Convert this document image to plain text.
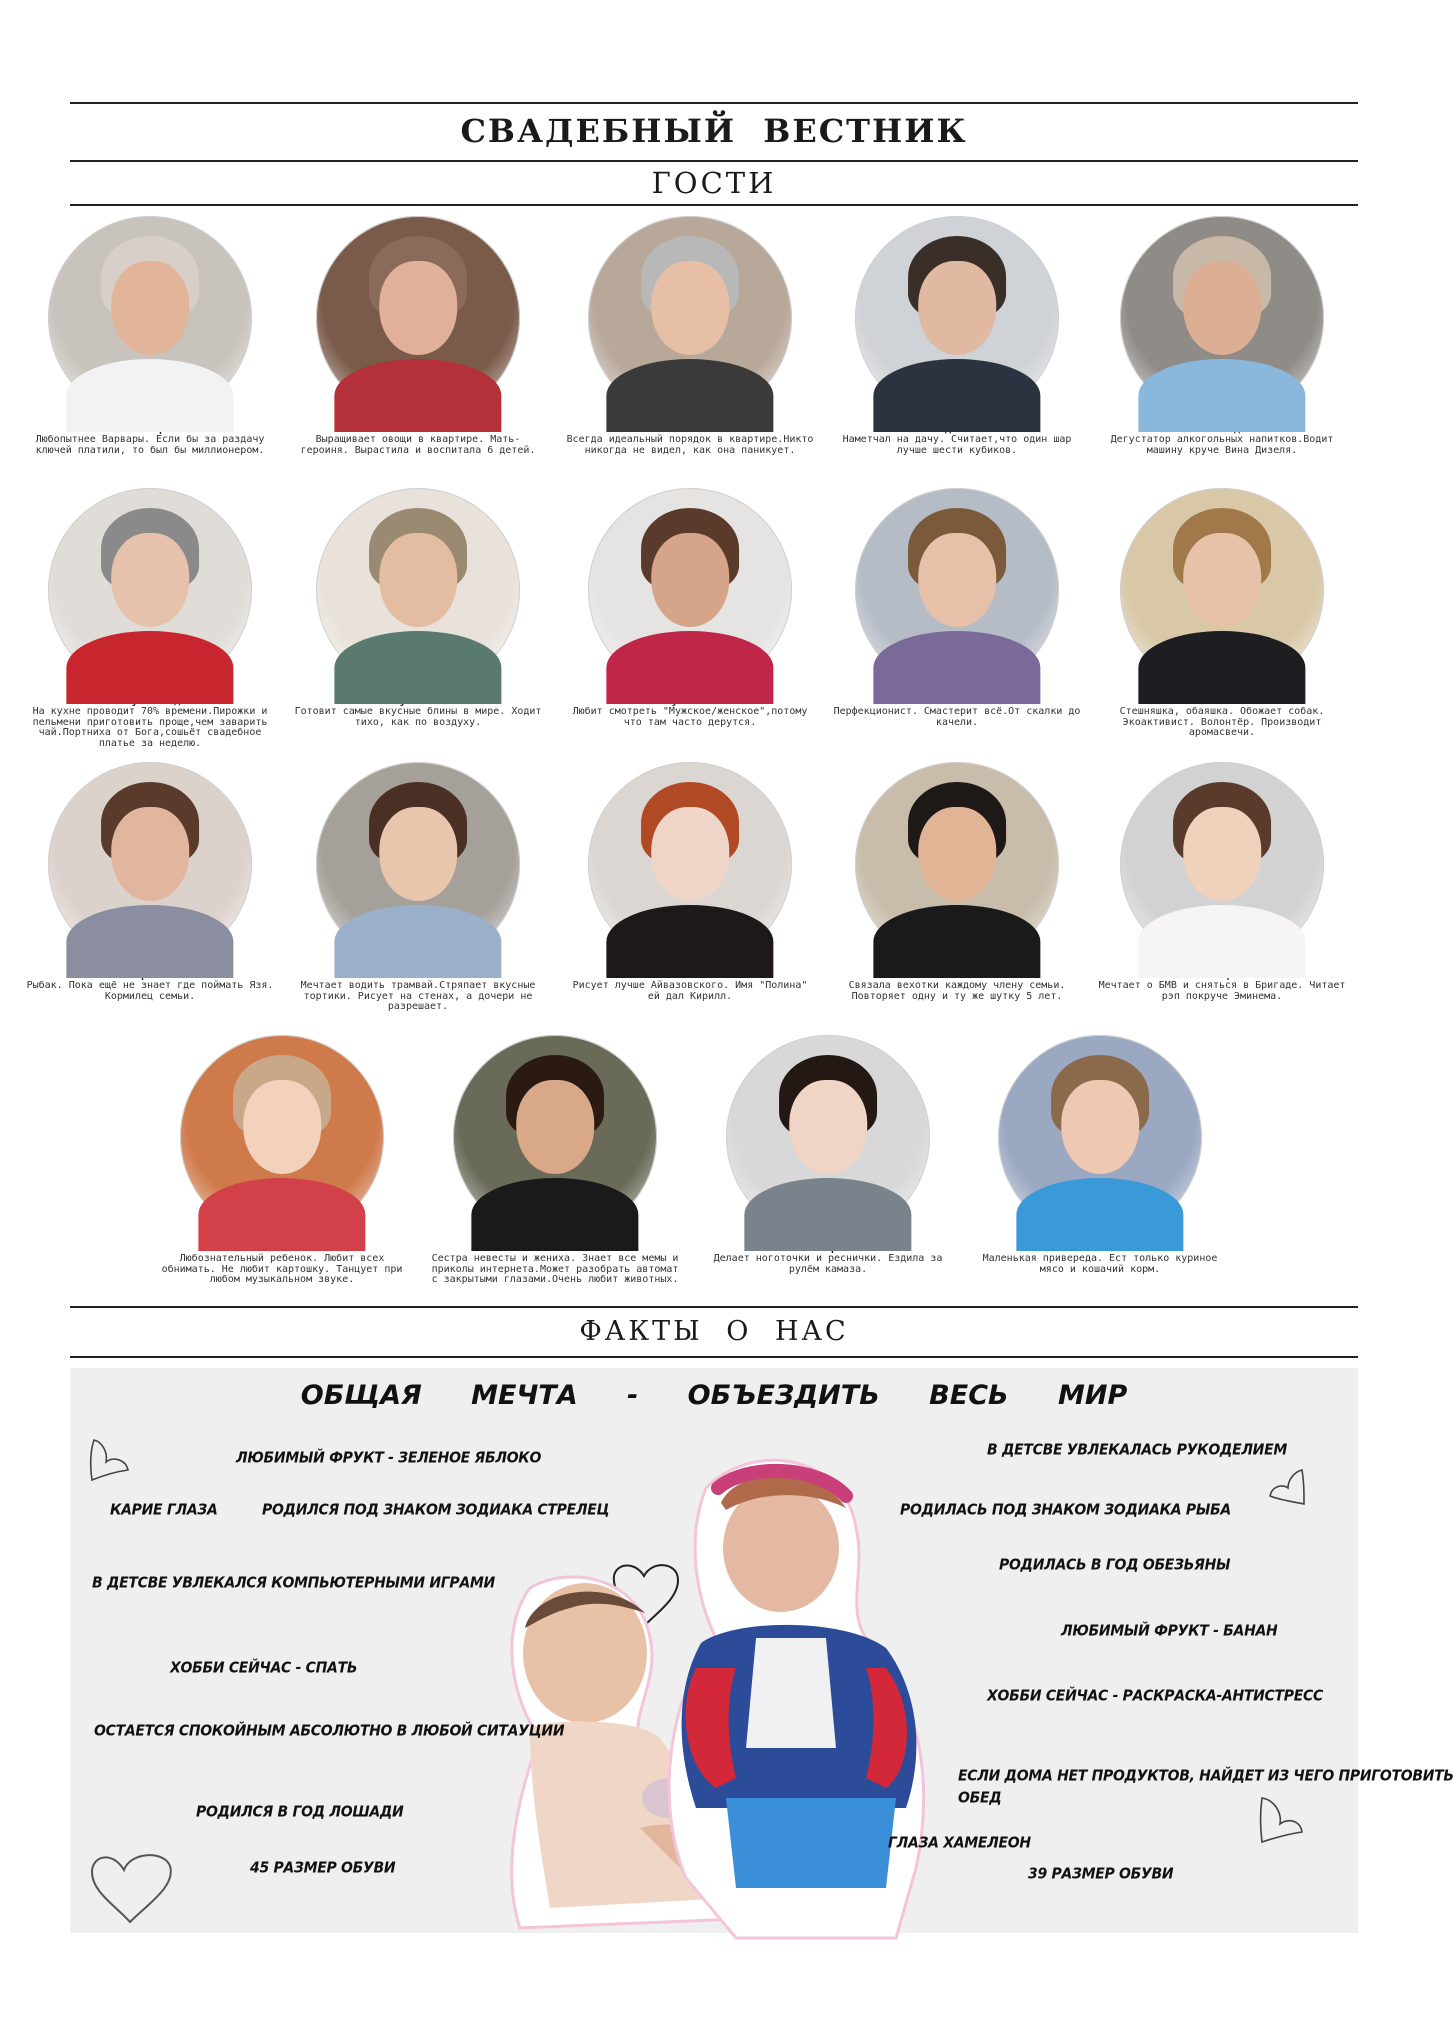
СВАДЕБНЫЙ ВЕСТНИК
ГОСТИ
Любопытнее Варвары. Если бы за раздачу ключей платили, то был бы миллионером.
Выращивает овощи в квартире. Мать-героиня. Вырастила и воспитала 6 детей.
Всегда идеальный порядок в квартире.Никто никогда не видел, как она паникует.
Наметчал на дачу. Считает,что один шар лучше шести кубиков.
Дегустатор алкогольных напитков.Водит машину круче Вина Дизеля.
На кухне проводит 70% времени.Пирожки и пельмени приготовить проще,чем заварить чай.Портниха от Бога,сошьёт свадебное платье за неделю.
Готовит самые вкусные блины в мире. Ходит тихо, как по воздуху.
Любит смотреть "Мужское/женское",потому что там часто дерутся.
Перфекционист. Смастерит всё.От скалки до качели.
Стешняшка, обаяшка. Обожает собак. Экоактивист. Волонтёр. Производит аромасвечи.
Рыбак. Пока ещё не знает где поймать Язя. Кормилец семьи.
Мечтает водить трамвай.Стряпает вкусные тортики. Рисует на стенах, а дочери не разрешает.
Рисует лучше Айвазовского. Имя "Полина" ей дал Кирилл.
Связала вехотки каждому члену семьи. Повторяет одну и ту же шутку 5 лет.
Мечтает о БМВ и сняться в Бригаде. Читает рэп покруче Эминема.
Любознательный ребенок. Любит всех обнимать. Не любит картошку. Танцует при любом музыкальном звуке.
Сестра невесты и жениха. Знает все мемы и приколы интернета.Может разобрать автомат с закрытыми глазами.Очень любит животных.
Делает ноготочки и реснички. Ездила за рулём камаза.
Маленькая привереда. Ест только куриное мясо и кошачий корм.
ФАКТЫ О НАС
ОБЩАЯ МЕЧТА - ОБЪЕЗДИТЬ ВЕСЬ МИР
ЛЮБИМЫЙ ФРУКТ - ЗЕЛЕНОЕ ЯБЛОКО
КАРИЕ ГЛАЗА	РОДИЛСЯ ПОД ЗНАКОМ ЗОДИАКА СТРЕЛЕЦ
В ДЕТСВЕ УВЛЕКАЛСЯ КОМПЬЮТЕРНЫМИ ИГРАМИ
ХОББИ СЕЙЧАС - СПАТЬ
ОСТАЕТСЯ СПОКОЙНЫМ АБСОЛЮТНО В ЛЮБОЙ СИТАУЦИИ
РОДИЛСЯ В ГОД ЛОШАДИ
45 РАЗМЕР ОБУВИ
В ДЕТСВЕ УВЛЕКАЛАСЬ РУКОДЕЛИЕМ
РОДИЛАСЬ ПОД ЗНАКОМ ЗОДИАКА РЫБА
РОДИЛАСЬ В ГОД ОБЕЗЬЯНЫ
ЛЮБИМЫЙ ФРУКТ - БАНАН
ХОББИ СЕЙЧАС - РАСКРАСКА-АНТИСТРЕСС
ЕСЛИ ДОМА НЕТ ПРОДУКТОВ, НАЙДЕТ ИЗ ЧЕГО ПРИГОТОВИТЬ
ОБЕД
ГЛАЗА ХАМЕЛЕОН
39 РАЗМЕР ОБУВИ
